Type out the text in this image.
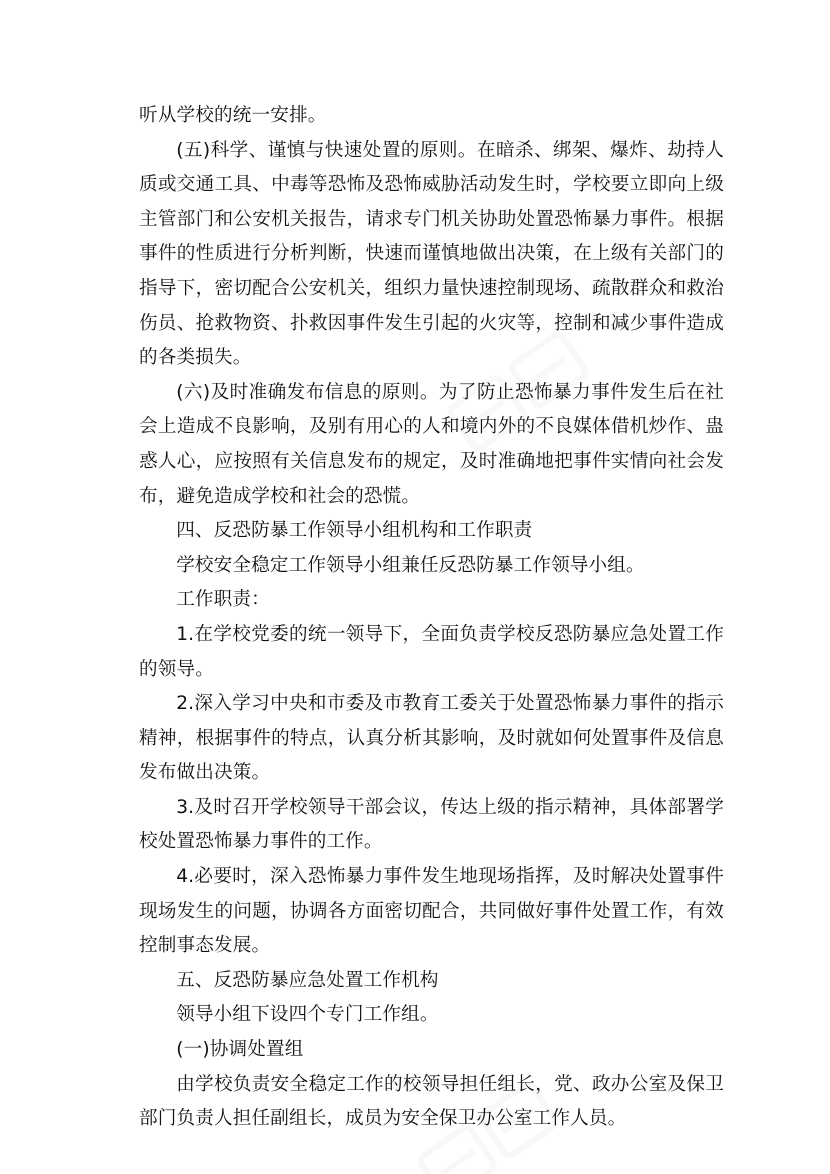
听从学校的统一安排。

(五)科学、谨慎与快速处置的原则。在暗杀、绑架、爆炸、劫持人质或交通工具、中毒等恐怖及恐怖威胁活动发生时，学校要立即向上级主管部门和公安机关报告，请求专门机关协助处置恐怖暴力事件。根据事件的性质进行分析判断，快速而谨慎地做出决策，在上级有关部门的指导下，密切配合公安机关，组织力量快速控制现场、疏散群众和救治伤员、抢救物资、扑救因事件发生引起的火灾等，控制和减少事件造成的各类损失。

(六)及时准确发布信息的原则。为了防止恐怖暴力事件发生后在社会上造成不良影响，及别有用心的人和境内外的不良媒体借机炒作、蛊惑人心，应按照有关信息发布的规定，及时准确地把事件实情向社会发布，避免造成学校和社会的恐慌。

四、反恐防暴工作领导小组机构和工作职责

学校安全稳定工作领导小组兼任反恐防暴工作领导小组。

工作职责：

1.在学校党委的统一领导下，全面负责学校反恐防暴应急处置工作的领导。

2.深入学习中央和市委及市教育工委关于处置恐怖暴力事件的指示精神，根据事件的特点，认真分析其影响，及时就如何处置事件及信息发布做出决策。

3.及时召开学校领导干部会议，传达上级的指示精神，具体部署学校处置恐怖暴力事件的工作。

4.必要时，深入恐怖暴力事件发生地现场指挥，及时解决处置事件现场发生的问题，协调各方面密切配合，共同做好事件处置工作，有效控制事态发展。

五、反恐防暴应急处置工作机构

领导小组下设四个专门工作组。

(一)协调处置组

由学校负责安全稳定工作的校领导担任组长，党、政办公室及保卫部门负责人担任副组长，成员为安全保卫办公室工作人员。
